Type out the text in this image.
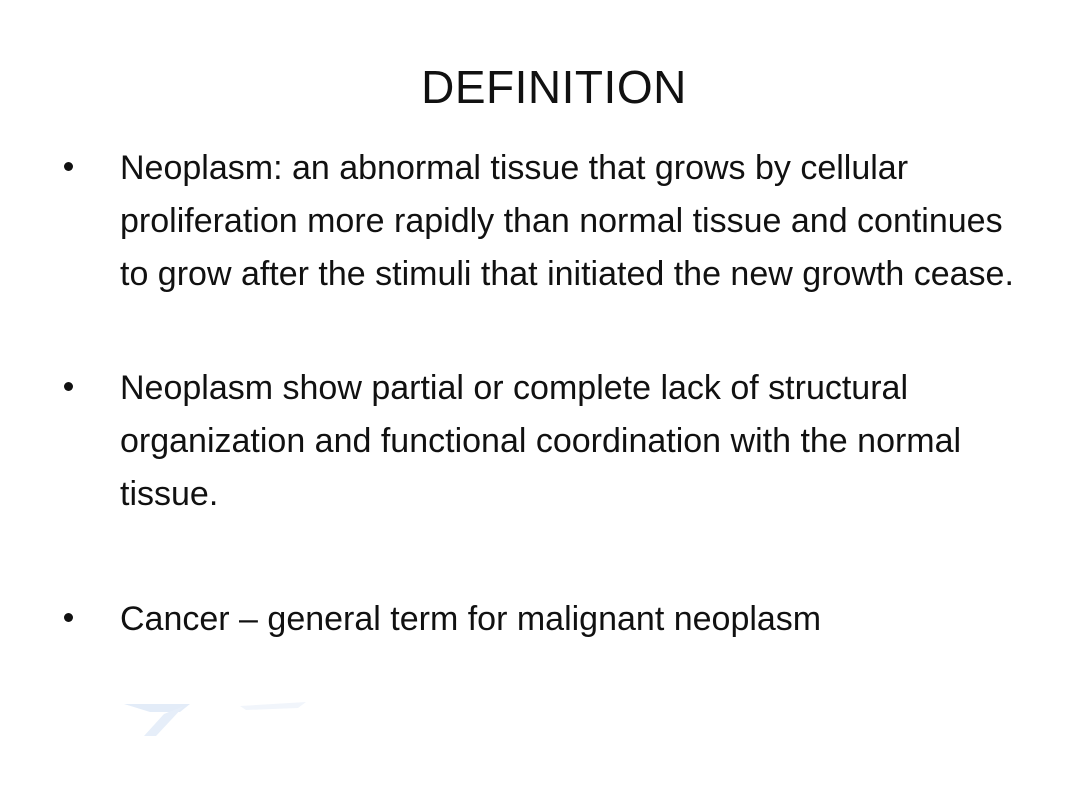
DEFINITION
Neoplasm: an abnormal tissue that grows by cellular proliferation more rapidly than normal tissue and continues to grow after the stimuli that initiated the new growth cease.
Neoplasm show partial or complete lack of structural organization and functional coordination with the normal tissue.
Cancer – general term for malignant neoplasm
